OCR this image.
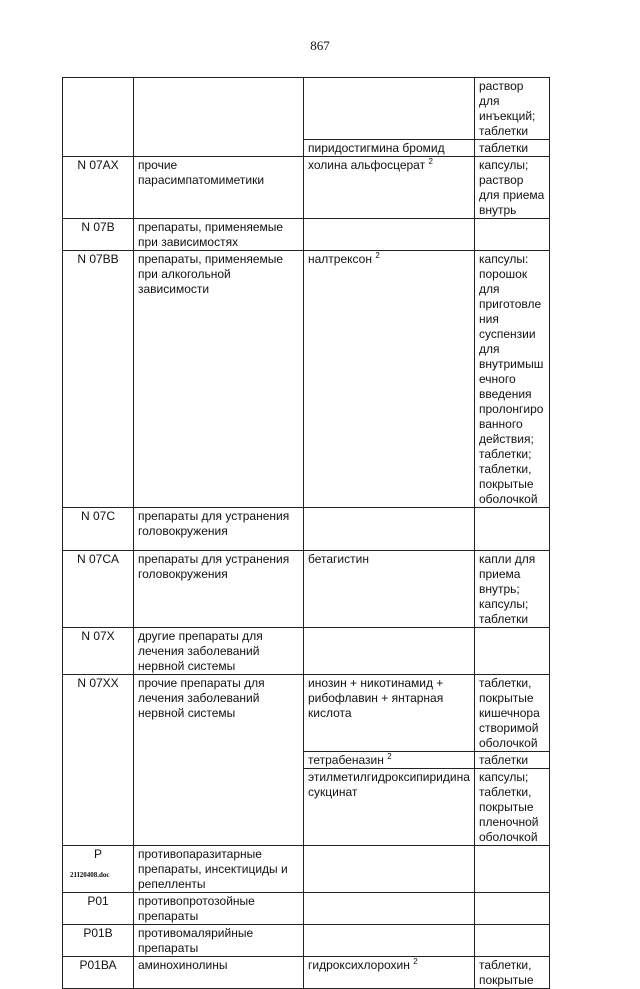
867
			раствор для инъекций; таблетки
		пиридостигмина бромид	таблетки
N 07AX	прочие парасимпатомиметики	холина альфосцерат $^2$	капсулы; раствор для приема внутрь
N 07B	препараты, применяемые при зависимостях		
N 07BB	препараты, применяемые при алкогольной зависимости	налтрексон $^2$	капсулы: порошок для приготовления суспензии для внутримышечного введения пролонгированного действия; таблетки; таблетки, покрытые оболочкой
N 07C	препараты для устранения головокружения		
N 07CA	препараты для устранения головокружения	бетагистин	капли для приема внутрь; капсулы; таблетки
N 07X	другие препараты для лечения заболеваний нервной системы		
N 07XX	прочие препараты для лечения заболеваний нервной системы	инозин + никотинамид + рибофлавин + янтарная кислота	таблетки, покрытые кишечнорастворимой оболочкой
		тетрабеназин $^2$	таблетки
		этилметилгидроксипиридина сукцинат	капсулы; таблетки, покрытые пленочной оболочкой
Р	противопаразитарные препараты, инсектициды и репелленты		
Р01	противопротозойные препараты		
Р01В	противомалярийные препараты		
Р01ВА	аминохинолины	гидроксихлорохин $^2$	таблетки, покрытые
21I20408.doc
